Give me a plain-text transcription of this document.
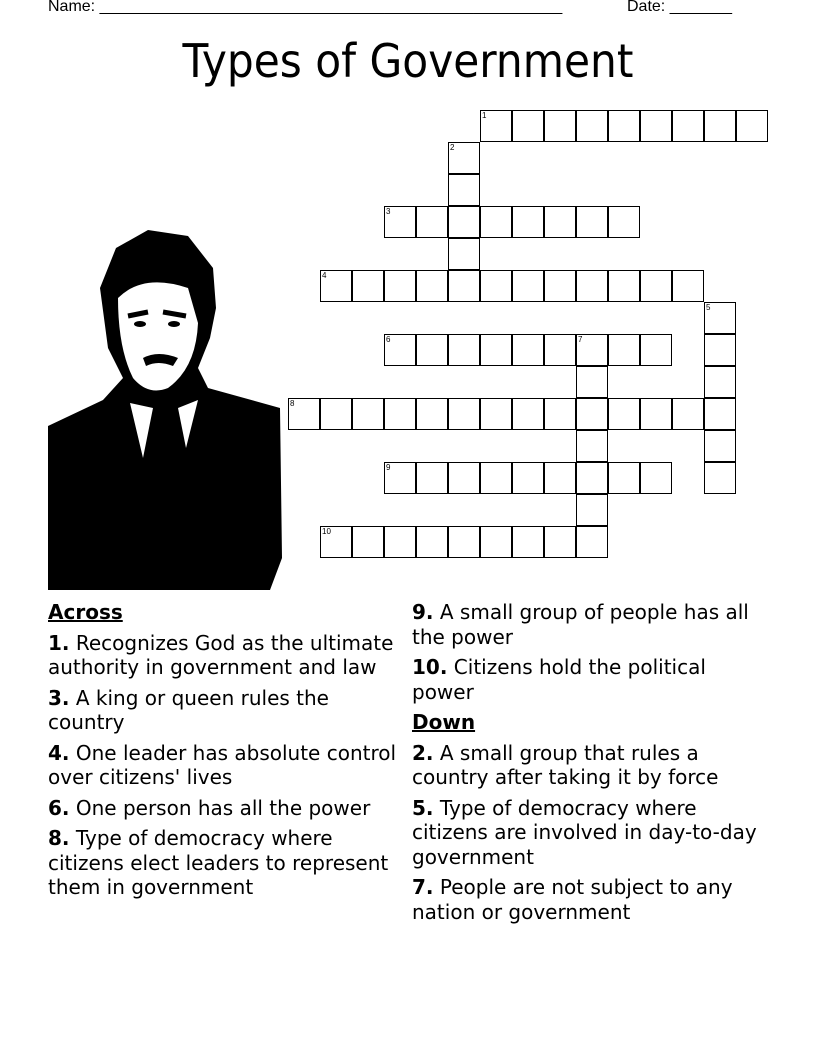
Name: ____________________________________________________	Date: _______
Types of Government
Across
1. Recognizes God as the ultimate authority in government and law
3. A king or queen rules the country
4. One leader has absolute control over citizens' lives
6. One person has all the power
8. Type of democracy where citizens elect leaders to represent them in government
9. A small group of people has all the power
10. Citizens hold the political power
Down
2. A small group that rules a country after taking it by force
5. Type of democracy where citizens are involved in day-to-day government
7. People are not subject to any nation or government
1
2
3
4
5
6	7
8
9
10
